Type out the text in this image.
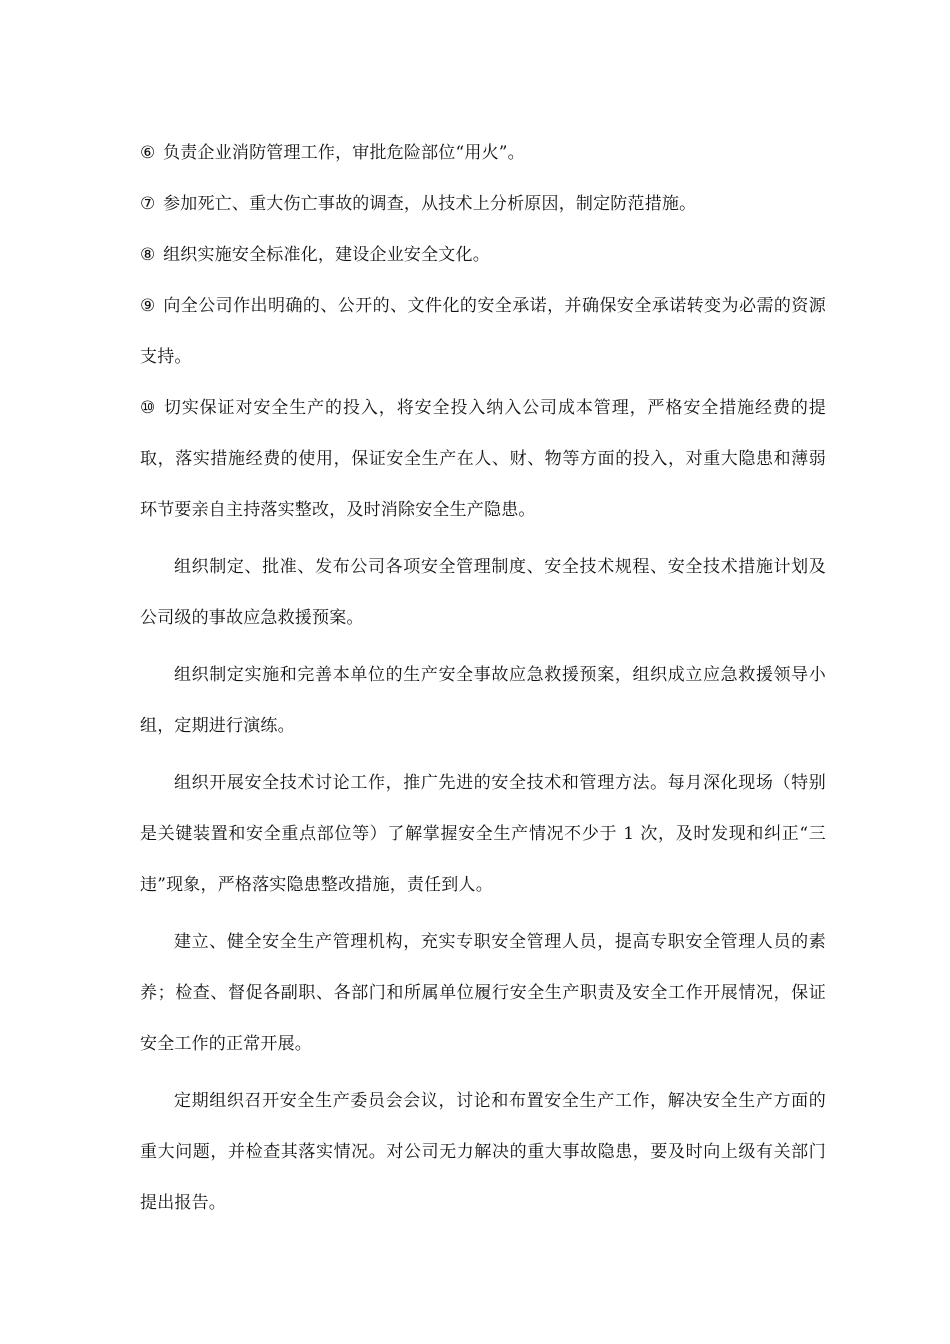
⑥ 负责企业消防管理工作，审批危险部位“用火”。

⑦ 参加死亡、重大伤亡事故的调查，从技术上分析原因，制定防范措施。

⑧ 组织实施安全标准化，建设企业安全文化。

⑨ 向全公司作出明确的、公开的、文件化的安全承诺，并确保安全承诺转变为必需的资源支持。

⑩ 切实保证对安全生产的投入，将安全投入纳入公司成本管理，严格安全措施经费的提取，落实措施经费的使用，保证安全生产在人、财、物等方面的投入，对重大隐患和薄弱环节要亲自主持落实整改，及时消除安全生产隐患。

组织制定、批准、发布公司各项安全管理制度、安全技术规程、安全技术措施计划及公司级的事故应急救援预案。

组织制定实施和完善本单位的生产安全事故应急救援预案，组织成立应急救援领导小组，定期进行演练。

组织开展安全技术讨论工作，推广先进的安全技术和管理方法。每月深化现场（特别是关键装置和安全重点部位等）了解掌握安全生产情况不少于 1 次，及时发现和纠正“三违”现象，严格落实隐患整改措施，责任到人。

建立、健全安全生产管理机构，充实专职安全管理人员，提高专职安全管理人员的素养；检查、督促各副职、各部门和所属单位履行安全生产职责及安全工作开展情况，保证安全工作的正常开展。

定期组织召开安全生产委员会会议，讨论和布置安全生产工作，解决安全生产方面的重大问题，并检查其落实情况。对公司无力解决的重大事故隐患，要及时向上级有关部门提出报告。
